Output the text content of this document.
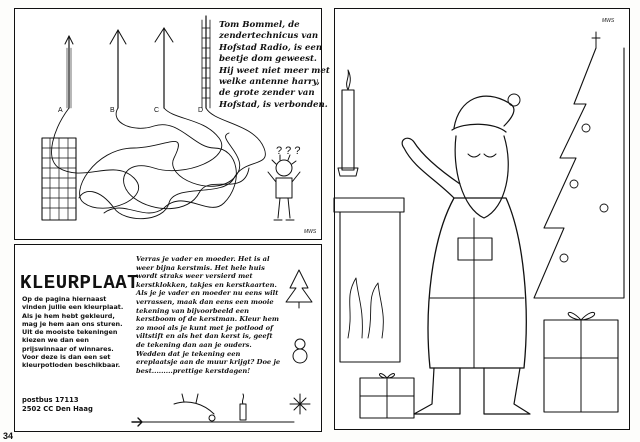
A	B	C	D
? ? ?
MWS
Tom Bommel, de zendertechnicus van Hofstad Radio, is een beetje dom geweest. Hij weet niet meer met welke antenne harry, de grote zender van Hofstad, is verbonden.
KLEURPLAAT
Op de pagina hiernaast vinden jullie een kleurplaat. Als je hem hebt gekleurd, mag je hem aan ons sturen. Uit de mooiste tekeningen kiezen we dan een prijswinnaar of winnares. Voor deze is dan een set kleurpotloden beschikbaar.
postbus 17113
2502 CC Den Haag
Verras je vader en moeder. Het is al weer bijna kerstmis. Het hele huis wordt straks weer versierd met kerstklokken, takjes en kerstkaarten. Als je je vader en moeder nu eens wilt verrassen, maak dan eens een mooie tekening van bijvoorbeeld een kerstboom of de kerstman. Kleur hem zo mooi als je kunt met je potlood of viltstift en als het dan kerst is, geeft de tekening dan aan je ouders. Wedden dat je tekening een ereplaatsje aan de muur krijgt? Doe je best.........prettige kerstdagen!
34
MWS
